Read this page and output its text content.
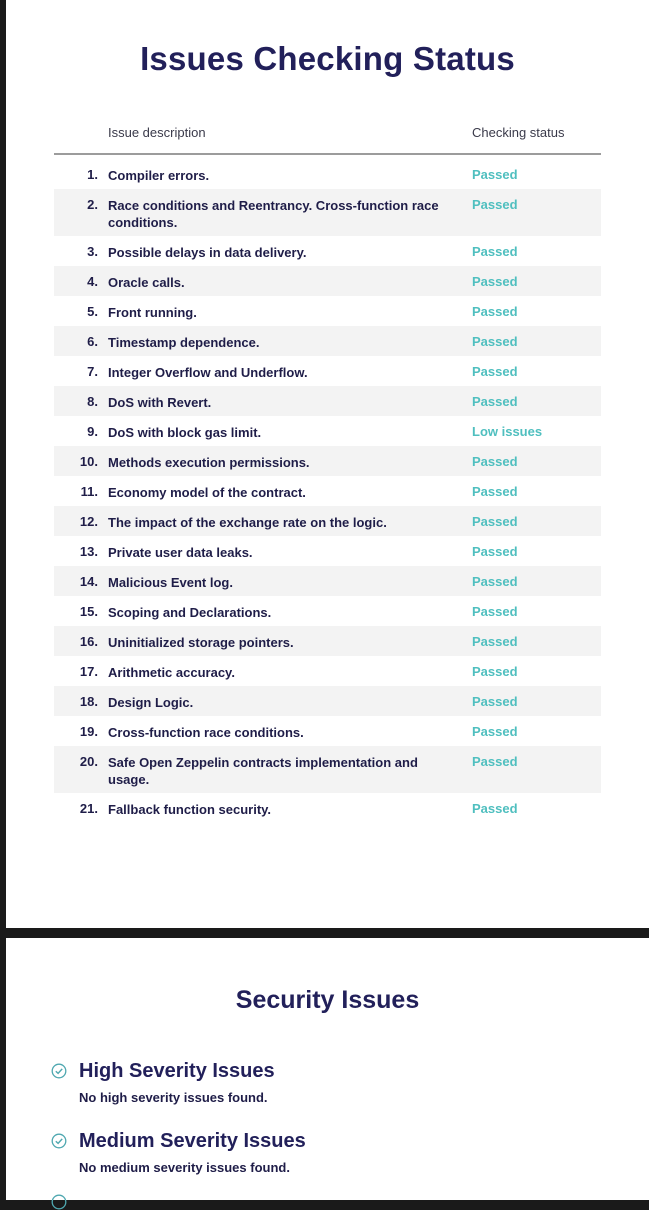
Issues Checking Status
Issue description	Checking status
1. Compiler errors.	Passed
2. Race conditions and Reentrancy. Cross-function race conditions.
Passed
3. Possible delays in data delivery.	Passed
4. Oracle calls.	Passed
5. Front running.	Passed
6. Timestamp dependence.	Passed
7. Integer Overflow and Underflow.	Passed
8. DoS with Revert.	Passed
9. DoS with block gas limit.	Low issues
10. Methods execution permissions.	Passed
11. Economy model of the contract.	Passed
12. The impact of the exchange rate on the logic.	Passed
13. Private user data leaks.	Passed
14. Malicious Event log.	Passed
15. Scoping and Declarations.	Passed
16. Uninitialized storage pointers.	Passed
17. Arithmetic accuracy.	Passed
18. Design Logic.	Passed
19. Cross-function race conditions.	Passed
20. Safe Open Zeppelin contracts implementation and usage.
Passed
21. Fallback function security.	Passed
Security Issues
High Severity Issues
No high severity issues found.
Medium Severity Issues
No medium severity issues found.
